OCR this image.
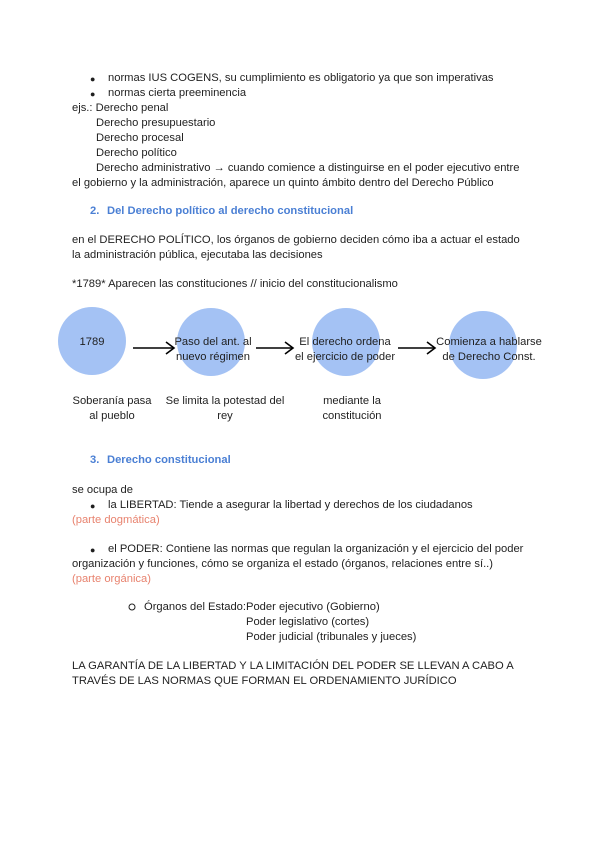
● normas IUS COGENS, su cumplimiento es obligatorio ya que son imperativas
● normas cierta preeminencia
ejs.: Derecho penal
Derecho presupuestario
Derecho procesal
Derecho político
Derecho administrativo → cuando comience a distinguirse en el poder ejecutivo entre
el gobierno y la administración, aparece un quinto ámbito dentro del Derecho Público
2. Del Derecho político al derecho constitucional
en el DERECHO POLÍTICO, los órganos de gobierno deciden cómo iba a actuar el estado
la administración pública, ejecutaba las decisiones
*1789* Aparecen las constituciones // inicio del constitucionalismo
1789	Paso del ant. al
nuevo régimen
El derecho ordena
el ejercicio de poder
Comienza a hablarse
de Derecho Const.
Soberanía pasa
al pueblo
Se limita la potestad del
rey
mediante la
constitución
3. Derecho constitucional
se ocupa de
● la LIBERTAD: Tiende a asegurar la libertad y derechos de los ciudadanos
(parte dogmática)
● el PODER: Contiene las normas que regulan la organización y el ejercicio del poder
organización y funciones, cómo se organiza el estado (órganos, relaciones entre sí..)
(parte orgánica)
Órganos del Estado: Poder ejecutivo (Gobierno)
Poder legislativo (cortes)
Poder judicial (tribunales y jueces)
LA GARANTÍA DE LA LIBERTAD Y LA LIMITACIÓN DEL PODER SE LLEVAN A CABO A
TRAVÉS DE LAS NORMAS QUE FORMAN EL ORDENAMIENTO JURÍDICO
